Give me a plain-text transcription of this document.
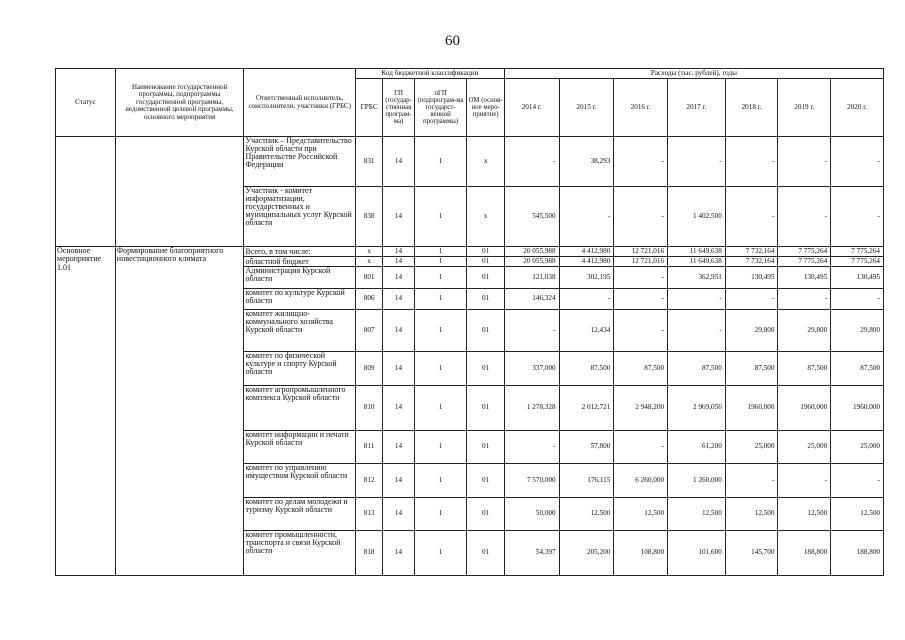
60
Статус	Наименование государственной программы, подпрограммы государственной программы, ведомственной целевой программы, основного мероприятия	Ответственный исполнитель, соисполнители, участники (ГРБС)	Код бюджетной классификации				Расходы (тыс. рублей), годы						
			ГРБС	ГП (государ-ственная програм-ма)	пГП (подпрограм-ма государст-венной программы)	ОМ (основ-ное меро-приятие)	2014 г.	2015 г.	2016 г.	2017 г.	2018 г.	2019 г.	2020 г.
		Участник – Представительство Курской области при Правительстве Российской Федерации	831	14	1	х	-	38,293	-	-	-	-	-
		Участник - комитет информатизации, государственных и муниципальных услуг Курской области	838	14	1	х	545,500	-	-	1 402,500	-	-	-
Основное мероприятие 1.01	Формирование благоприятного инвестиционного климата	Всего, в том числе:	х	14	1	01	20 055,988	4 412,980	12 721,016	11 649,638	7 732,164	7 775,264	7 775,264
		областной бюджет	х	14	1	01	20 055,988	4 412,980	12 721,016	11 649,638	7 732,164	7 775,264	7 775,264
		Администрация Курской области	801	14	1	01	121,038	302,195	-	362,951	130,495	130,495	130,495
		комитет по культуре Курской области	806	14	1	01	146,324	-	-	-	-	-	-
		комитет жилищно-коммунального хозяйства Курской области	807	14	1	01	-	12,434	-	-	29,800	29,800	29,800
		комитет по физической культуре и спорту Курской области	809	14	1	01	337,000	87,500	87,500	87,500	87,500	87,500	87,500
		комитет агропромышленного комплекса Курской области	810	14	1	01	1 278,328	2 012,721	2 948,200	2 969,056	1960,000	1960,000	1960,000
		комитет информации и печати Курской области	811	14	1	01	-	57,800	-	61,200	25,000	25,000	25,000
		комитет по управлению имуществом Курской области	812	14	1	01	7 570,000	176,115	6 260,000	1 260,000	-	-	-
		комитет по делам молодежи и туризму Курской области	813	14	1	01	50,000	12,500	12,500	12,500	12,500	12,500	12,500
		комитет промышленности, транспорта и связи Курской области	818	14	1	01	54,397	205,200	108,800	101,600	145,700	188,800	188,800
